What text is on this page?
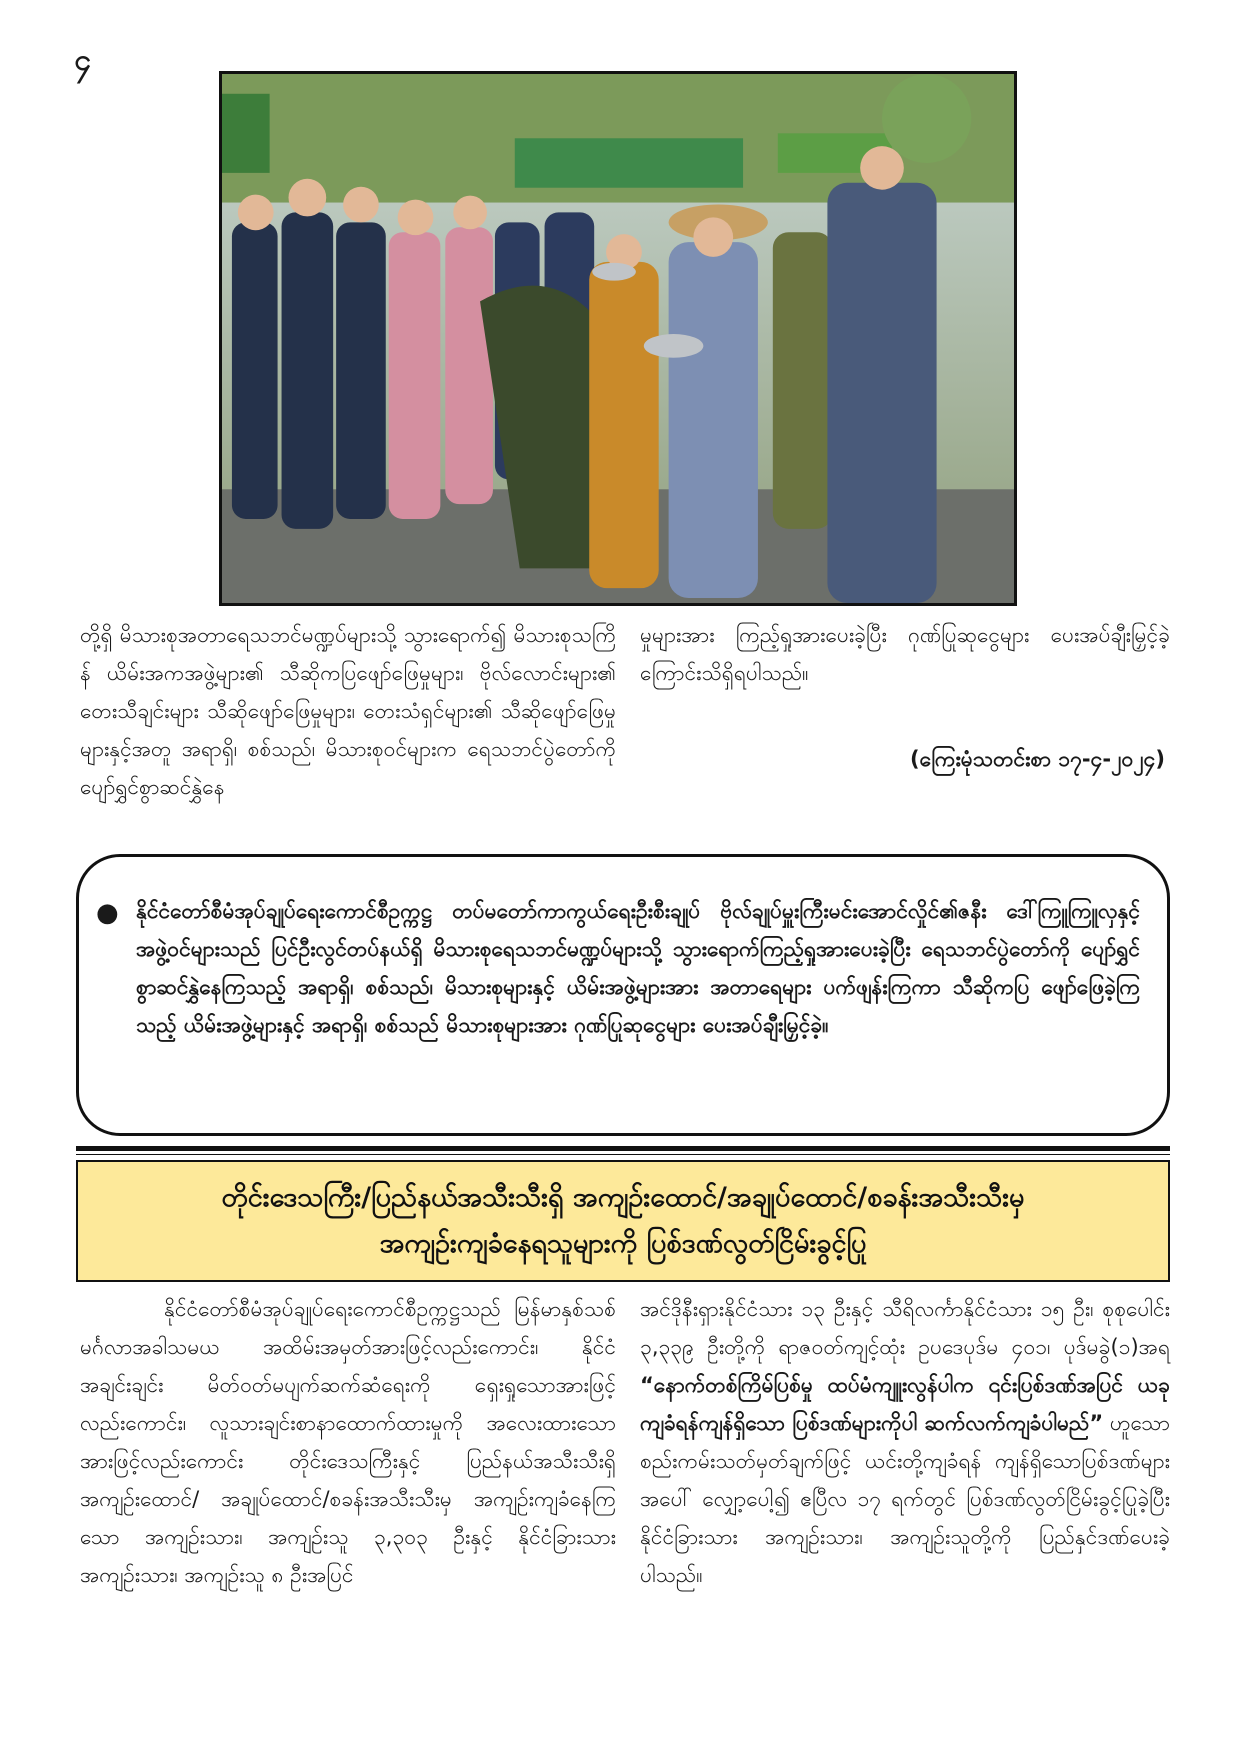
၄
တို့ရှိ မိသားစုအတာရေသဘင်မဏ္ဍပ်များသို့ သွားရောက်၍ မိသားစုသကြိန် ယိမ်းအကအဖွဲ့များ၏ သီဆိုကပြဖျော်ဖြေမှုများ၊ ဗိုလ်လောင်းများ၏ တေးသီချင်းများ သီဆိုဖျော်ဖြေမှုများ၊ တေးသံရှင်များ၏ သီဆိုဖျော်ဖြေမှုများနှင့်အတူ အရာရှိ၊ စစ်သည်၊ မိသားစုဝင်များက ရေသဘင်ပွဲတော်ကို ပျော်ရွှင်စွာဆင်နွှဲနေ
မှုများအား ကြည့်ရှုအားပေးခဲ့ပြီး ဂုဏ်ပြုဆုငွေများ ပေးအပ်ချီးမြှင့်ခဲ့ကြောင်းသိရှိရပါသည်။
(ကြေးမုံသတင်းစာ ၁၇-၄-၂၀၂၄)
● နိုင်ငံတော်စီမံအုပ်ချုပ်ရေးကောင်စီဥက္ကဋ္ဌ တပ်မတော်ကာကွယ်ရေးဦးစီးချုပ် ဗိုလ်ချုပ်မှူးကြီးမင်းအောင်လှိုင်၏ဇနီး ဒေါ်ကြူကြူလှနှင့် အဖွဲ့ဝင်များသည် ပြင်ဦးလွင်တပ်နယ်ရှိ မိသားစုရေသဘင်မဏ္ဍပ်များသို့ သွားရောက်ကြည့်ရှုအားပေးခဲ့ပြီး ရေသဘင်ပွဲတော်ကို ပျော်ရွှင်စွာဆင်နွှဲနေကြသည့် အရာရှိ၊ စစ်သည်၊ မိသားစုများနှင့် ယိမ်းအဖွဲ့များအား အတာရေများ ပက်ဖျန်းကြကာ သီဆိုကပြ ဖျော်ဖြေခဲ့ကြသည့် ယိမ်းအဖွဲ့များနှင့် အရာရှိ၊ စစ်သည် မိသားစုများအား ဂုဏ်ပြုဆုငွေများ ပေးအပ်ချီးမြှင့်ခဲ့။
တိုင်းဒေသကြီး/ပြည်နယ်အသီးသီးရှိ အကျဉ်းထောင်/အချုပ်ထောင်/စခန်းအသီးသီးမှ
အကျဉ်းကျခံနေရသူများကို ပြစ်ဒဏ်လွတ်ငြိမ်းခွင့်ပြု
နိုင်ငံတော်စီမံအုပ်ချုပ်ရေးကောင်စီဥက္ကဋ္ဌသည် မြန်မာနှစ်သစ်မင်္ဂလာအခါသမယ အထိမ်းအမှတ်အားဖြင့်လည်းကောင်း၊ နိုင်ငံအချင်းချင်း မိတ်ဝတ်မပျက်ဆက်ဆံရေးကို ရှေးရှုသောအားဖြင့်လည်းကောင်း၊ လူသားချင်းစာနာထောက်ထားမှုကို အလေးထားသောအားဖြင့်လည်းကောင်း တိုင်းဒေသကြီးနှင့် ပြည်နယ်အသီးသီးရှိ အကျဉ်းထောင်/ အချုပ်ထောင်/စခန်းအသီးသီးမှ အကျဉ်းကျခံနေကြသော အကျဉ်းသား၊ အကျဉ်းသူ ၃,၃၀၃ ဦးနှင့် နိုင်ငံခြားသားအကျဉ်းသား၊ အကျဉ်းသူ ၈ ဦးအပြင်
အင်ဒိုနီးရှားနိုင်ငံသား ၁၃ ဦးနှင့် သီရိလင်္ကာနိုင်ငံသား ၁၅ ဦး၊ စုစုပေါင်း ၃,၃၃၉ ဦးတို့ကို ရာဇဝတ်ကျင့်ထုံး ဥပဒေပုဒ်မ ၄၀၁၊ ပုဒ်မခွဲ(၁)အရ “နောက်တစ်ကြိမ်ပြစ်မှု ထပ်မံကျူးလွန်ပါက ၎င်းပြစ်ဒဏ်အပြင် ယခုကျခံရန်ကျန်ရှိသော ပြစ်ဒဏ်များကိုပါ ဆက်လက်ကျခံပါမည်” ဟူသော စည်းကမ်းသတ်မှတ်ချက်ဖြင့် ယင်းတို့ကျခံရန် ကျန်ရှိသောပြစ်ဒဏ်များအပေါ် လျှော့ပေါ့၍ ဧပြီလ ၁၇ ရက်တွင် ပြစ်ဒဏ်လွတ်ငြိမ်းခွင့်ပြုခဲ့ပြီး နိုင်ငံခြားသား အကျဉ်းသား၊ အကျဉ်းသူတို့ကို ပြည်နှင်ဒဏ်ပေးခဲ့ပါသည်။
